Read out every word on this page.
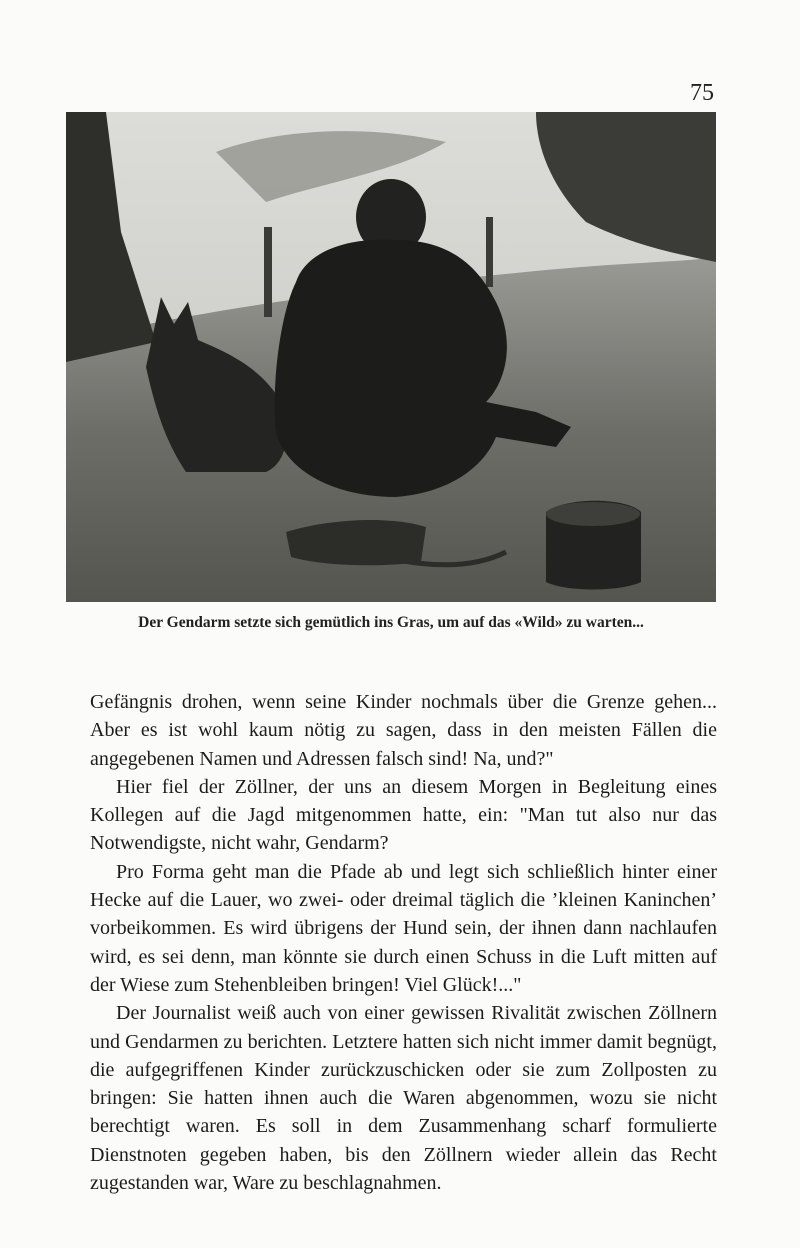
75
Der Gendarm setzte sich gemütlich ins Gras, um auf das «Wild» zu warten...

Gefängnis drohen, wenn seine Kinder nochmals über die Grenze gehen... Aber es ist wohl kaum nötig zu sagen, dass in den meisten Fällen die angegebenen Namen und Adressen falsch sind! Na, und?"

Hier fiel der Zöllner, der uns an diesem Morgen in Begleitung eines Kollegen auf die Jagd mitgenommen hatte, ein: "Man tut also nur das Notwendigste, nicht wahr, Gendarm?

Pro Forma geht man die Pfade ab und legt sich schließlich hinter einer Hecke auf die Lauer, wo zwei- oder dreimal täglich die ’kleinen Kaninchen’ vorbeikommen. Es wird übrigens der Hund sein, der ihnen dann nachlaufen wird, es sei denn, man könnte sie durch einen Schuss in die Luft mitten auf der Wiese zum Stehenbleiben bringen! Viel Glück!..."

Der Journalist weiß auch von einer gewissen Rivalität zwischen Zöllnern und Gendarmen zu berichten. Letztere hatten sich nicht immer damit begnügt, die aufgegriffenen Kinder zurückzuschicken oder sie zum Zollposten zu bringen: Sie hatten ihnen auch die Waren abgenommen, wozu sie nicht berechtigt waren. Es soll in dem Zusammenhang scharf formulierte Dienstnoten gegeben haben, bis den Zöllnern wieder allein das Recht zugestanden war, Ware zu beschlagnahmen.
